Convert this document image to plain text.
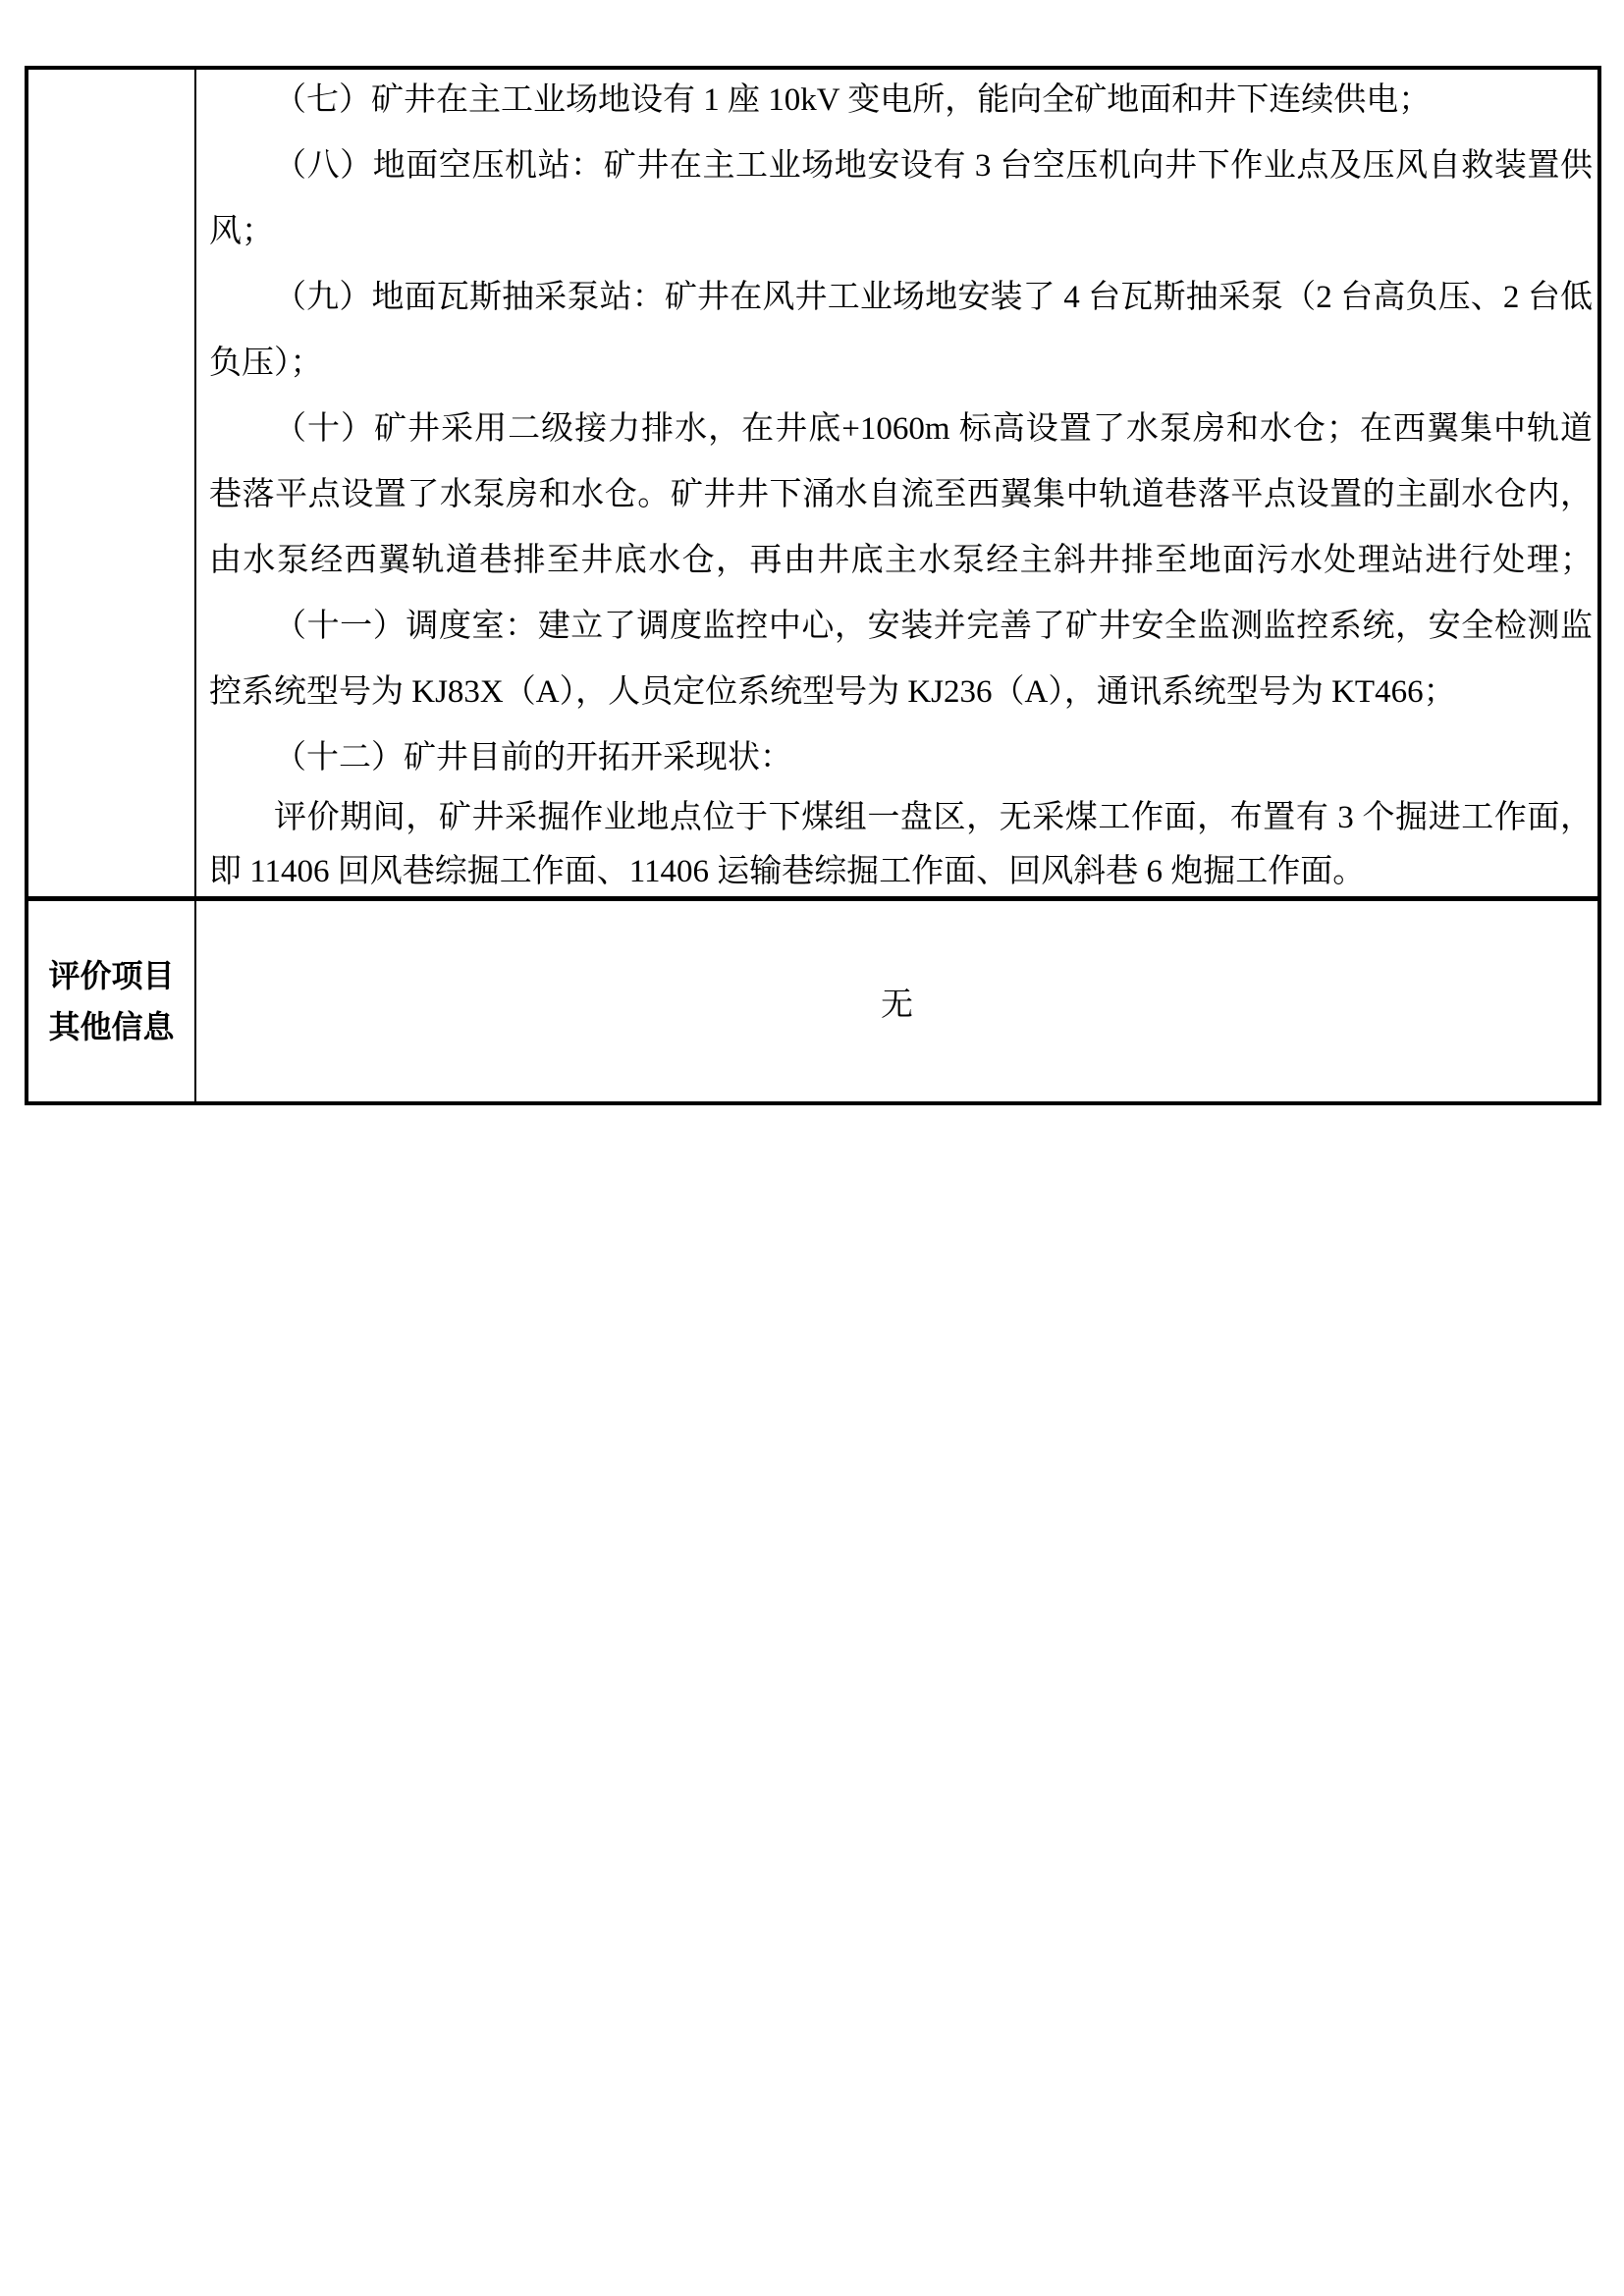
（七）矿井在主工业场地设有 1 座 10kV 变电所，能向全矿地面和井下连续供电；
（八）地面空压机站：矿井在主工业场地安设有 3 台空压机向井下作业点及压风自救装置供
风；
（九）地面瓦斯抽采泵站：矿井在风井工业场地安装了 4 台瓦斯抽采泵（2 台高负压、2 台低
负压）；
（十）矿井采用二级接力排水，在井底+1060m 标高设置了水泵房和水仓；在西翼集中轨道
巷落平点设置了水泵房和水仓。矿井井下涌水自流至西翼集中轨道巷落平点设置的主副水仓内，
由水泵经西翼轨道巷排至井底水仓，再由井底主水泵经主斜井排至地面污水处理站进行处理；
（十一）调度室：建立了调度监控中心，安装并完善了矿井安全监测监控系统，安全检测监
控系统型号为 KJ83X（A），人员定位系统型号为 KJ236（A），通讯系统型号为 KT466；
（十二）矿井目前的开拓开采现状：
评价期间，矿井采掘作业地点位于下煤组一盘区，无采煤工作面，布置有 3 个掘进工作面，
即 11406 回风巷综掘工作面、11406 运输巷综掘工作面、回风斜巷 6 炮掘工作面。
评价项目
其他信息
无
